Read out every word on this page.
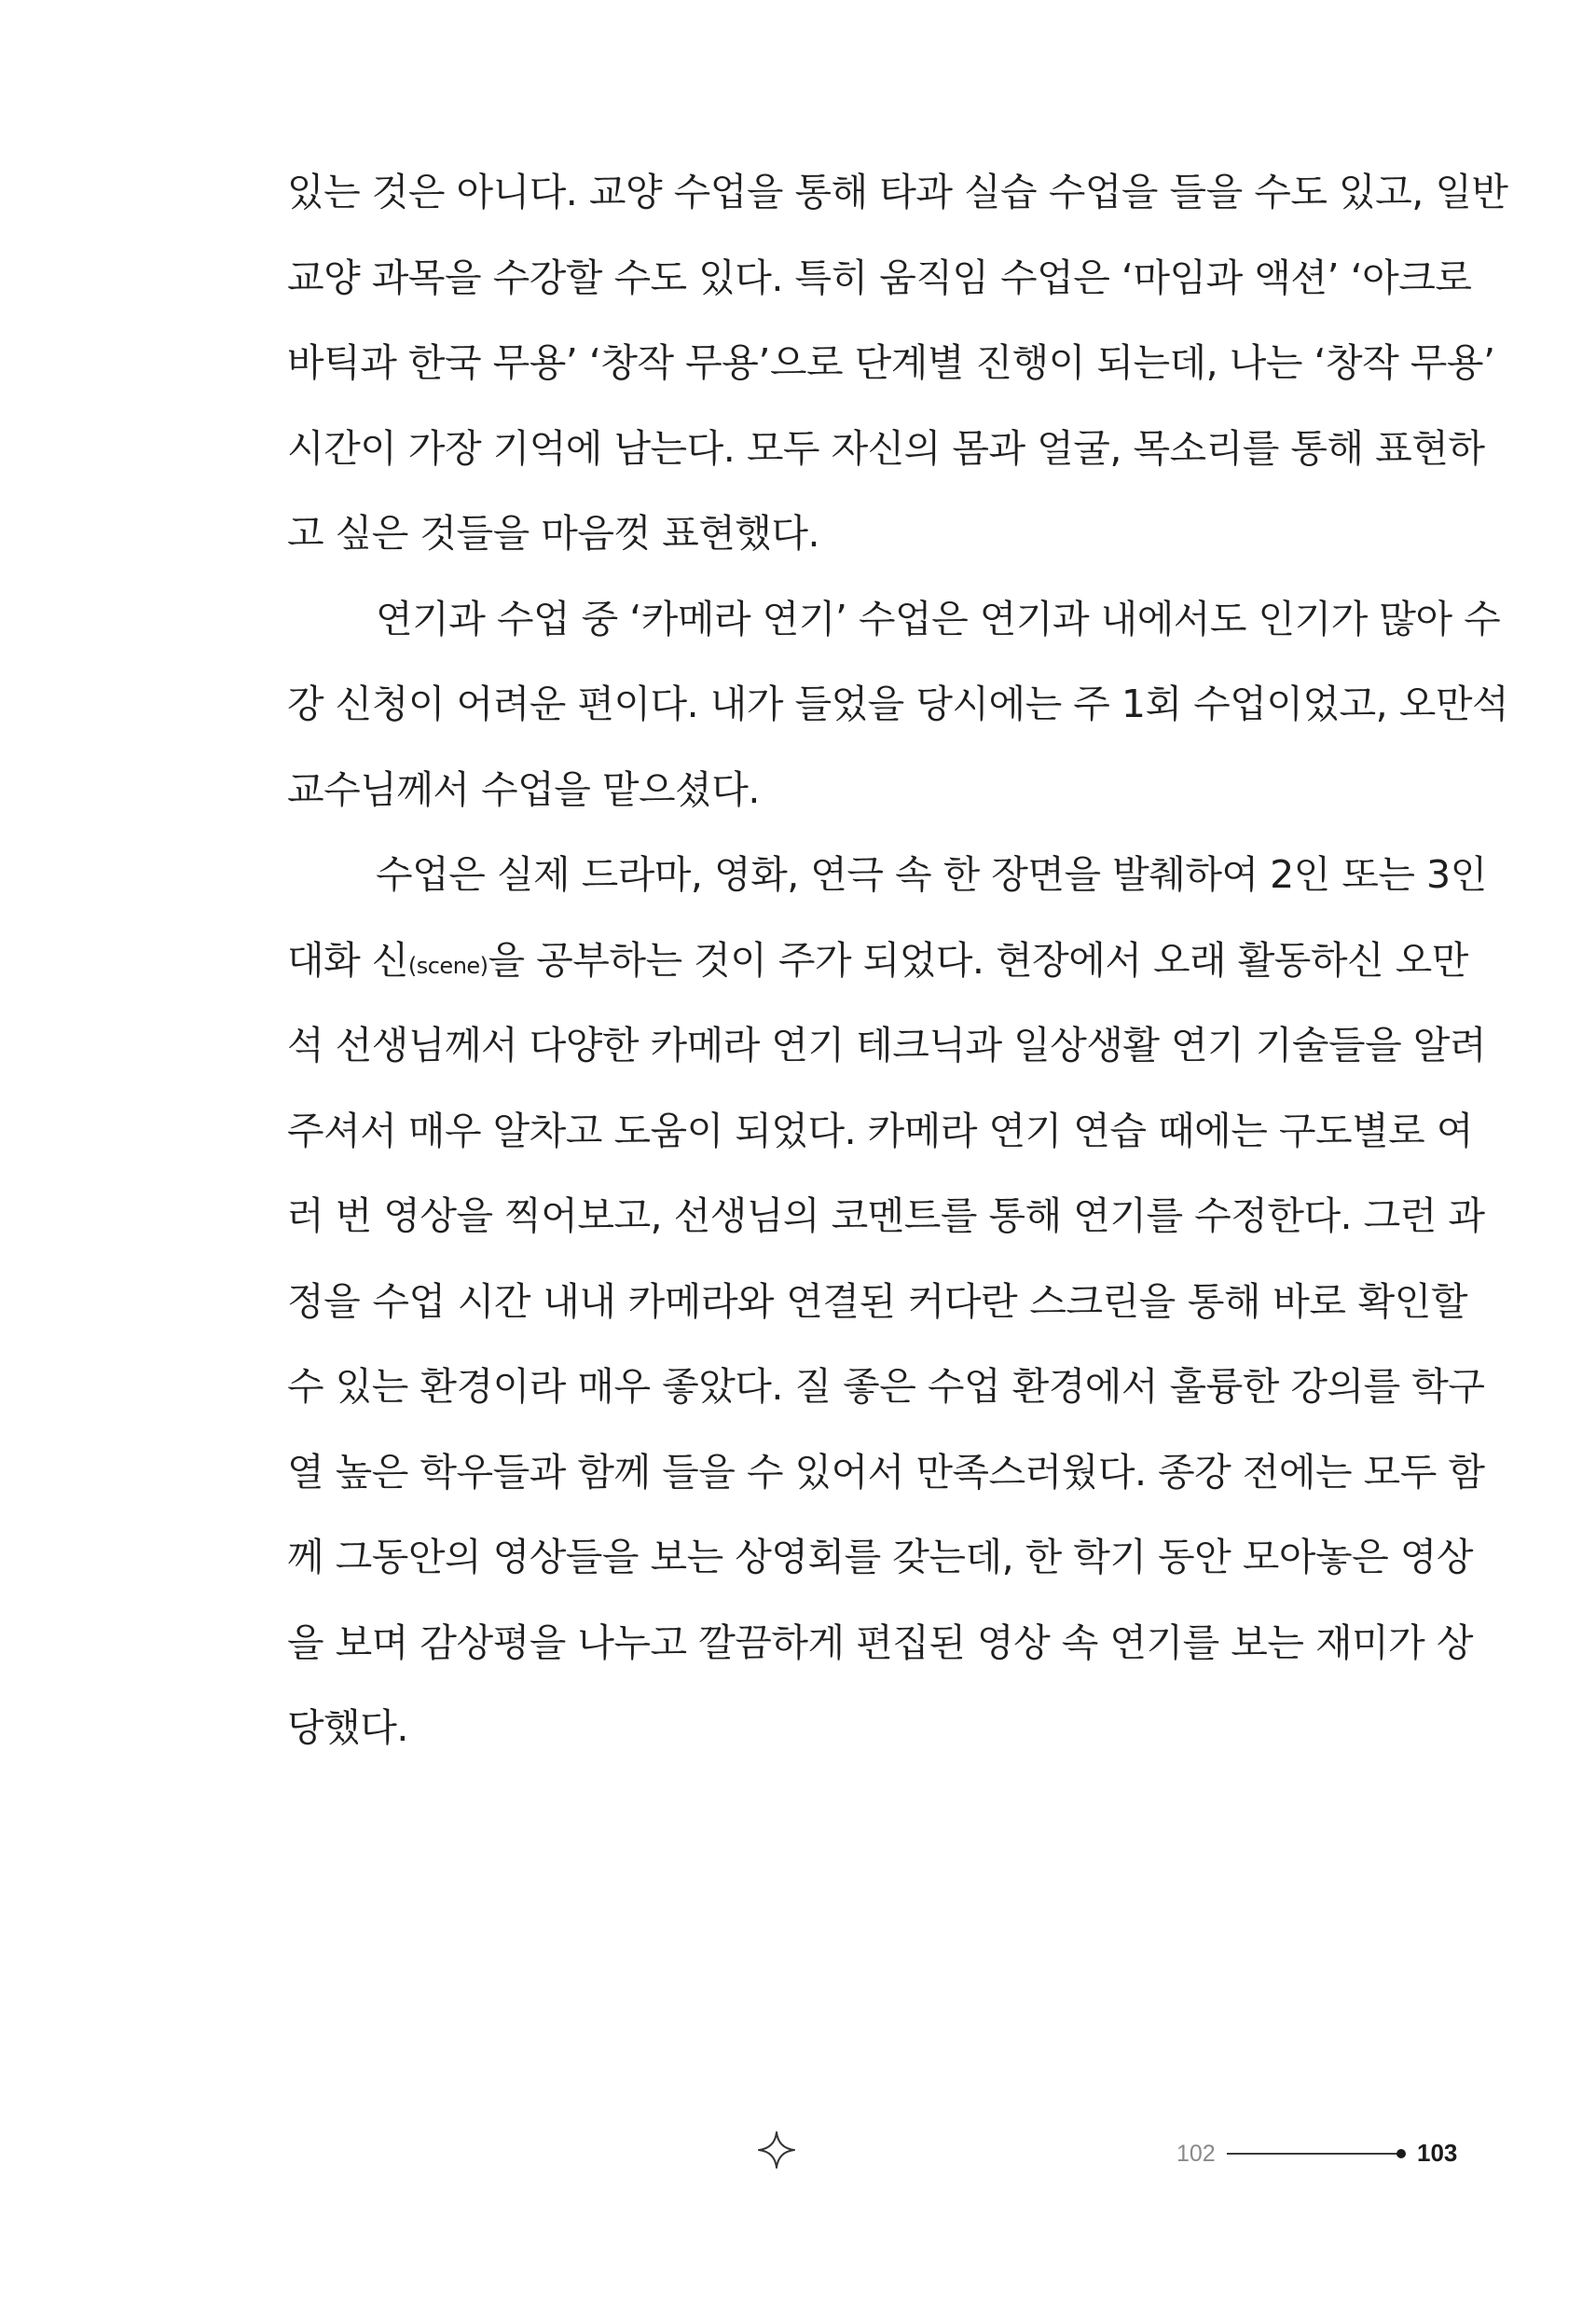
있는 것은 아니다. 교양 수업을 통해 타과 실습 수업을 들을 수도 있고, 일반
교양 과목을 수강할 수도 있다. 특히 움직임 수업은 ‘마임과 액션’ ‘아크로
바틱과 한국 무용’ ‘창작 무용’으로 단계별 진행이 되는데, 나는 ‘창작 무용’
시간이 가장 기억에 남는다. 모두 자신의 몸과 얼굴, 목소리를 통해 표현하
고 싶은 것들을 마음껏 표현했다.
연기과 수업 중 ‘카메라 연기’ 수업은 연기과 내에서도 인기가 많아 수
강 신청이 어려운 편이다. 내가 들었을 당시에는 주 1회 수업이었고, 오만석
교수님께서 수업을 맡으셨다.
수업은 실제 드라마, 영화, 연극 속 한 장면을 발췌하여 2인 또는 3인
대화 신(scene)을 공부하는 것이 주가 되었다. 현장에서 오래 활동하신 오만
석 선생님께서 다양한 카메라 연기 테크닉과 일상생활 연기 기술들을 알려
주셔서 매우 알차고 도움이 되었다. 카메라 연기 연습 때에는 구도별로 여
러 번 영상을 찍어보고, 선생님의 코멘트를 통해 연기를 수정한다. 그런 과
정을 수업 시간 내내 카메라와 연결된 커다란 스크린을 통해 바로 확인할
수 있는 환경이라 매우 좋았다. 질 좋은 수업 환경에서 훌륭한 강의를 학구
열 높은 학우들과 함께 들을 수 있어서 만족스러웠다. 종강 전에는 모두 함
께 그동안의 영상들을 보는 상영회를 갖는데, 한 학기 동안 모아놓은 영상
을 보며 감상평을 나누고 깔끔하게 편집된 영상 속 연기를 보는 재미가 상
당했다.
102	103
